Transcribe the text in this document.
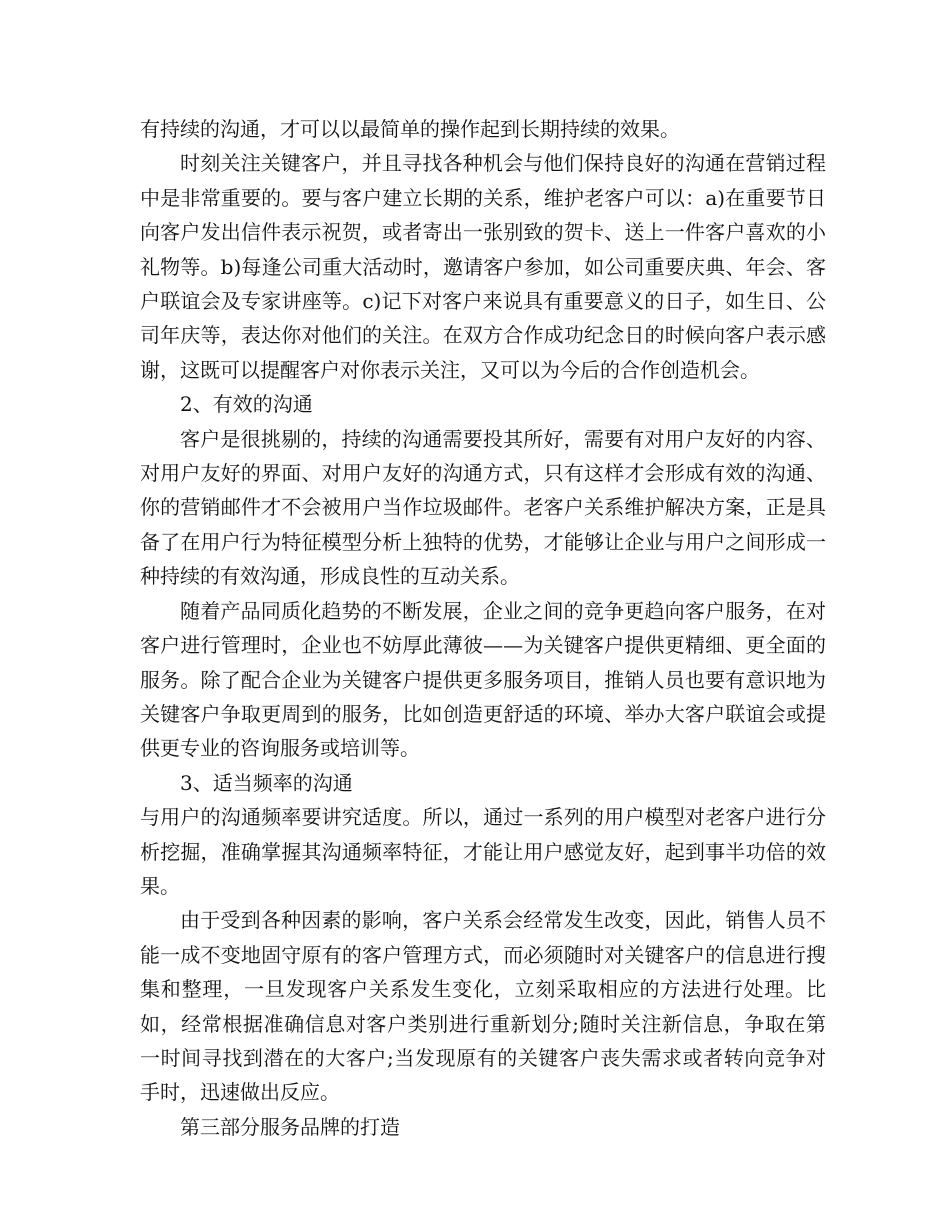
有持续的沟通，才可以以最简单的操作起到长期持续的效果。

时刻关注关键客户，并且寻找各种机会与他们保持良好的沟通在营销过程中是非常重要的。要与客户建立长期的关系，维护老客户可以：a)在重要节日向客户发出信件表示祝贺，或者寄出一张别致的贺卡、送上一件客户喜欢的小礼物等。b)每逢公司重大活动时，邀请客户参加，如公司重要庆典、年会、客户联谊会及专家讲座等。c)记下对客户来说具有重要意义的日子，如生日、公司年庆等，表达你对他们的关注。在双方合作成功纪念日的时候向客户表示感谢，这既可以提醒客户对你表示关注，又可以为今后的合作创造机会。

2、有效的沟通

客户是很挑剔的，持续的沟通需要投其所好，需要有对用户友好的内容、对用户友好的界面、对用户友好的沟通方式，只有这样才会形成有效的沟通、你的营销邮件才不会被用户当作垃圾邮件。老客户关系维护解决方案，正是具备了在用户行为特征模型分析上独特的优势，才能够让企业与用户之间形成一种持续的有效沟通，形成良性的互动关系。

随着产品同质化趋势的不断发展，企业之间的竞争更趋向客户服务，在对客户进行管理时，企业也不妨厚此薄彼——为关键客户提供更精细、更全面的服务。除了配合企业为关键客户提供更多服务项目，推销人员也要有意识地为关键客户争取更周到的服务，比如创造更舒适的环境、举办大客户联谊会或提供更专业的咨询服务或培训等。

3、适当频率的沟通

与用户的沟通频率要讲究适度。所以，通过一系列的用户模型对老客户进行分析挖掘，准确掌握其沟通频率特征，才能让用户感觉友好，起到事半功倍的效果。

由于受到各种因素的影响，客户关系会经常发生改变，因此，销售人员不能一成不变地固守原有的客户管理方式，而必须随时对关键客户的信息进行搜集和整理，一旦发现客户关系发生变化，立刻采取相应的方法进行处理。比如，经常根据准确信息对客户类别进行重新划分;随时关注新信息，争取在第一时间寻找到潜在的大客户;当发现原有的关键客户丧失需求或者转向竞争对手时，迅速做出反应。

第三部分服务品牌的打造
